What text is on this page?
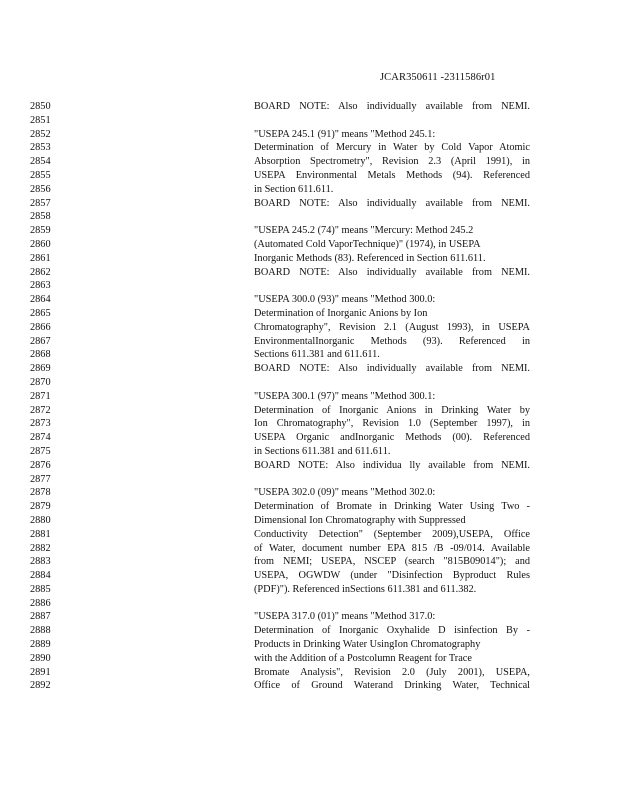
JCAR350611 -2311586r01
2850	BOARD NOTE: Also individually available from NEMI.
2851
2852	"USEPA 245.1 (91)" means "Method 245.1:
2853	Determination of Mercury in Water by Cold Vapor Atomic
2854	Absorption Spectrometry", Revision 2.3 (April 1991), in
2855	USEPA Environmental Metals Methods (94). Referenced
2856	in Section 611.611.
2857	BOARD NOTE: Also individually available from NEMI.
2858
2859	"USEPA 245.2 (74)" means "Mercury: Method 245.2
2860	(Automated Cold VaporTechnique)" (1974), in USEPA
2861	Inorganic Methods (83). Referenced in Section 611.611.
2862	BOARD NOTE: Also individually available from NEMI.
2863
2864	"USEPA 300.0 (93)" means "Method 300.0:
2865	Determination of Inorganic Anions by Ion
2866	Chromatography", Revision 2.1 (August 1993), in USEPA
2867	EnvironmentalInorganic Methods (93). Referenced in
2868	Sections 611.381 and 611.611.
2869	BOARD NOTE: Also individually available from NEMI.
2870
2871	"USEPA 300.1 (97)" means "Method 300.1:
2872	Determination of Inorganic Anions in Drinking Water by
2873	Ion Chromatography", Revision 1.0 (September 1997), in
2874	USEPA Organic andInorganic Methods (00). Referenced
2875	in Sections 611.381 and 611.611.
2876	BOARD NOTE: Also individua lly available from NEMI.
2877
2878	"USEPA 302.0 (09)" means "Method 302.0:
2879	Determination of Bromate in Drinking Water Using Two -
2880	Dimensional Ion Chromatography with Suppressed
2881	Conductivity Detection" (September 2009),USEPA, Office
2882	of Water, document number EPA 815 /B -09/014. Available
2883	from NEMI; USEPA, NSCEP (search "815B09014"); and
2884	USEPA, OGWDW (under "Disinfection Byproduct Rules
2885	(PDF)"). Referenced inSections 611.381 and 611.382.
2886
2887	"USEPA 317.0 (01)" means "Method 317.0:
2888	Determination of Inorganic Oxyhalide D isinfection By -
2889	Products in Drinking Water UsingIon Chromatography
2890	with the Addition of a Postcolumn Reagent for Trace
2891	Bromate Analysis", Revision 2.0 (July 2001), USEPA,
2892	Office of Ground Waterand Drinking Water, Technical
